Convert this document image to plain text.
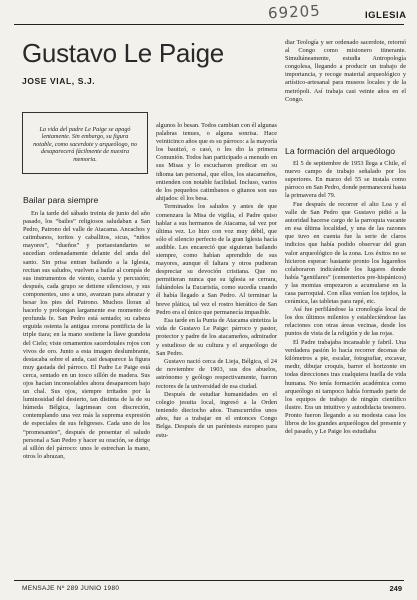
69205	IGLESIA
Gustavo Le Paige
JOSE VIAL, S.J.
La vida del padre Le Paige se apagó lentamente. Sin embargo, su figura notable, como sacerdote y arqueólogo, no desaparecerá fácilmente de nuestra memoria.
Bailar para siempre

En la tarde del sábado treinta de junio del año pasado, los “bailes” religiosos saludaban a San Pedro, Patrono del valle de Atacama. Ancachos y catimbanos, toritos y caballitos, sicus, “niños mayores”, “dueños” y portaestandartes se sucedían ordenadamente delante del anda del santo. Sin prisa entran bailando a la Iglesia, recitan sus saludos, vuelven a bailar al compás de sus instrumentos de viento, cuerda y percusión; después, cada grupo se detiene silencioso, y sus componentes, uno a uno, avanzan para abrazar y besar los pies del Patrono. Muchos lloran al hacerlo y prolongan largamente ese momento de profunda fe. San Pedro está sentado; su cabeza erguida ostenta la antigua corona pontificia de la triple tiara; en la mano sostiene la llave grandota del Cielo; viste ornamentos sacerdotales rojos con vivos de oro. Junto a esta imagen deslumbrante, destacaba sobre el anda, casi desaparece la figura muy gastada del párroco. El Padre Le Paige está cerca, sentado en un tosco sillón de madera. Sus ojos hacían inconsolables ahora desaparecen bajo un chal. Sus ojos, siempre irritados por la luminosidad del desierto, tan distinta de la de su húmeda Bélgica, lagrimean con discreción, contemplando una vez más la suprema expresión de especiales de sus feligreses. Cada uno de los “promesantes”, después de presentar el saludo personal a San Pedro y hacer su oración, se dirige al sillón del párroco: unos le estrechan la mano, otros lo abrazan,

algunos lo besan. Todos cambian con él algunas palabras tenues, o alguna sonrisa. Hace veinticinco años que es su párroco: a la mayoría los bautizó, o casó, o les dio la primera Comunión. Todos han participado a menudo en sus Misas y lo escucharon predicar en su idioma tan personal, que ellos, los atacameños, entienden con notable facilidad. Incluso, varios de los pequeños catimbanos o gitanos son sus ahijados: él los besa.

Terminados los saludos y antes de que comenzara la Misa de vigilia, el Padre quiso hablar a sus hermanos de Atacama, tal vez por última vez. Lo hizo con voz muy débil, que sólo el silencio perfecto de la gran Iglesia hacía audible. Les encareció que siguieran bailando siempre, como habían aprendido de sus mayores, aunque él faltara y otros pudieran despreciar su devoción cristiana. Que no permitieran nunca que su iglesia se cerrara, faltándoles la Eucaristía, como sucedía cuando él había llegado a San Pedro. Al terminar la breve plática, tal vez el rostro hierático de San Pedro era el único que permanecía impasible.

Esa tarde en la Punta de Atacama sintetiza la vida de Gustavo Le Paige: párroco y pastor, protector y padre de los atacameños, admirador y estudioso de su cultura y el arqueólogo de San Pedro.

Gustavo nació cerca de Lieja, Bélgica, el 24 de noviembre de 1903, sus dos abuelos, astrónomo y geólogo respectivamente, fueron rectores de la universidad de esa ciudad.

Después de estudiar humanidades en el colegio jesuita local, ingresó a la Orden teniendo dieciocho años. Transcurridos unos años, fue a trabajar en el entonces Congo Belga. Después de un paréntesis europeo para estu-

diar Teología y ser ordenado sacerdote, retornó al Congo como misionero itinerante. Simultáneamente, estudia Antropología congolesa, llegando a producir un trabajo de importancia, y recoge material arqueológico y artístico-artesanal para museos locales y de la metrópoli. Así trabaja casi veinte años en el Congo.

La formación del arqueólogo

El 5 de septiembre de 1953 llega a Chile, el nuevo campo de trabajo señalado por los superiores. En marzo del 55 se instala como párroco en San Pedro, donde permanecerá hasta la primavera del 79.

Fue después de recorrer el alto Loa y el valle de San Pedro que Gustavo pidió a la autoridad hacerse cargo de la parroquia vacante en esa última localidad, y una de las razones que tuvo en cuenta fue la serie de claros indicios que había podido observar del gran valor arqueológico de la zona. Los éxitos no se hicieron esperar: bastante pronto los lugareños colaboraron indicándole los lugares donde había “gentilares” (cementerios pre-hispánicos) y las momias empezaron a acumularse en la casa parroquial. Con ellas venían los tejidos, la cerámica, las tabletas para rapé, etc.

Así fue perfilándose la cronología local de los dos últimos milenios y estableciéndose las relaciones con otras áreas vecinas, desde los puntos de vista de la religión y de las rojas.

El Padre trabajaba incansable y fabril. Una verdadera pasión lo hacía recorrer decenas de kilómetros a pie, escalar, fotografiar, excavar, medir, dibujar croquis, barrer el horizonte en todas direcciones tras cualquiera huella de vida humana. No tenía formación académica como arqueólogo ni tampoco había formado parte de los equipos de trabajo de ningún científico ilustre. Era un intuitivo y autodidacta tesonero. Pronto fueron llegando a su modesta casa los libros de los grandes arqueólogos del presente y del pasado, y Le Paige los estudiaba

MENSAJE Nº 289 JUNIO 1980	249
